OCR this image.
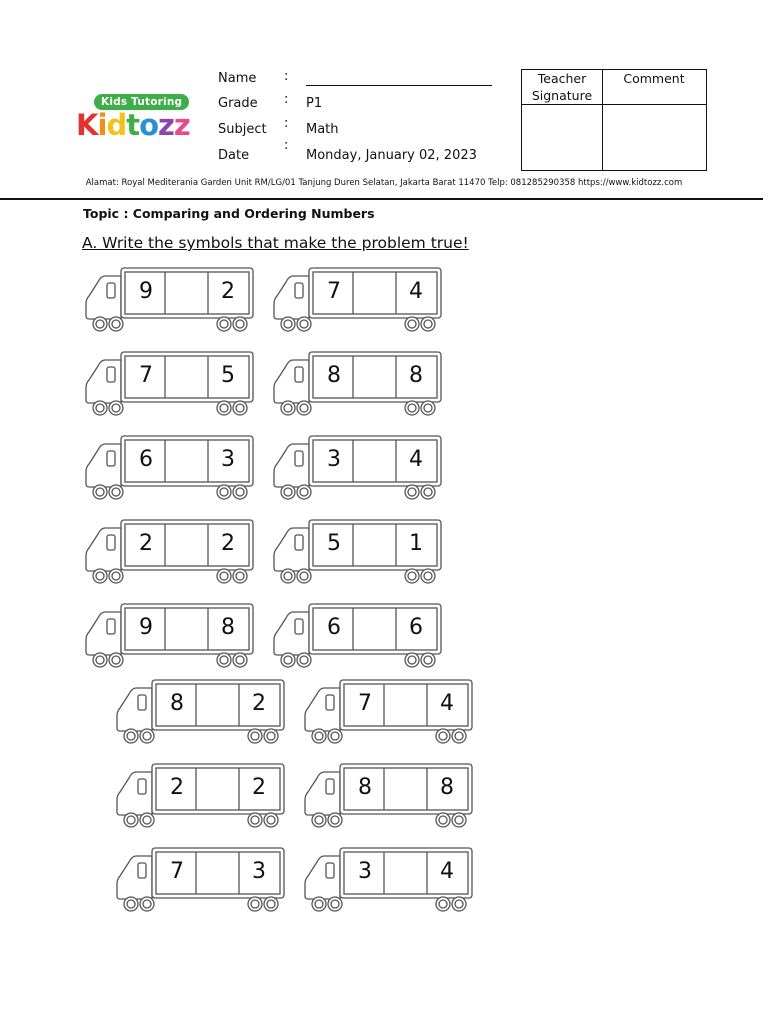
Kids Tutoring
Kidtozz
Name :
Grade : P1
Subject : Math
Date
:
Monday, January 02, 2023
Teacher
Signature
Comment
Alamat: Royal Mediterania Garden Unit RM/LG/01 Tanjung Duren Selatan, Jakarta Barat 11470 Telp: 081285290358 https://www.kidtozz.com
Topic : Comparing and Ordering Numbers
A. Write the symbols that make the problem true!
9	2	7	4
7	5	8	8
6	3	3	4
2	2	5	1
9	8	6	6
8	2	7	4
2	2	8	8
7	3	3	4
